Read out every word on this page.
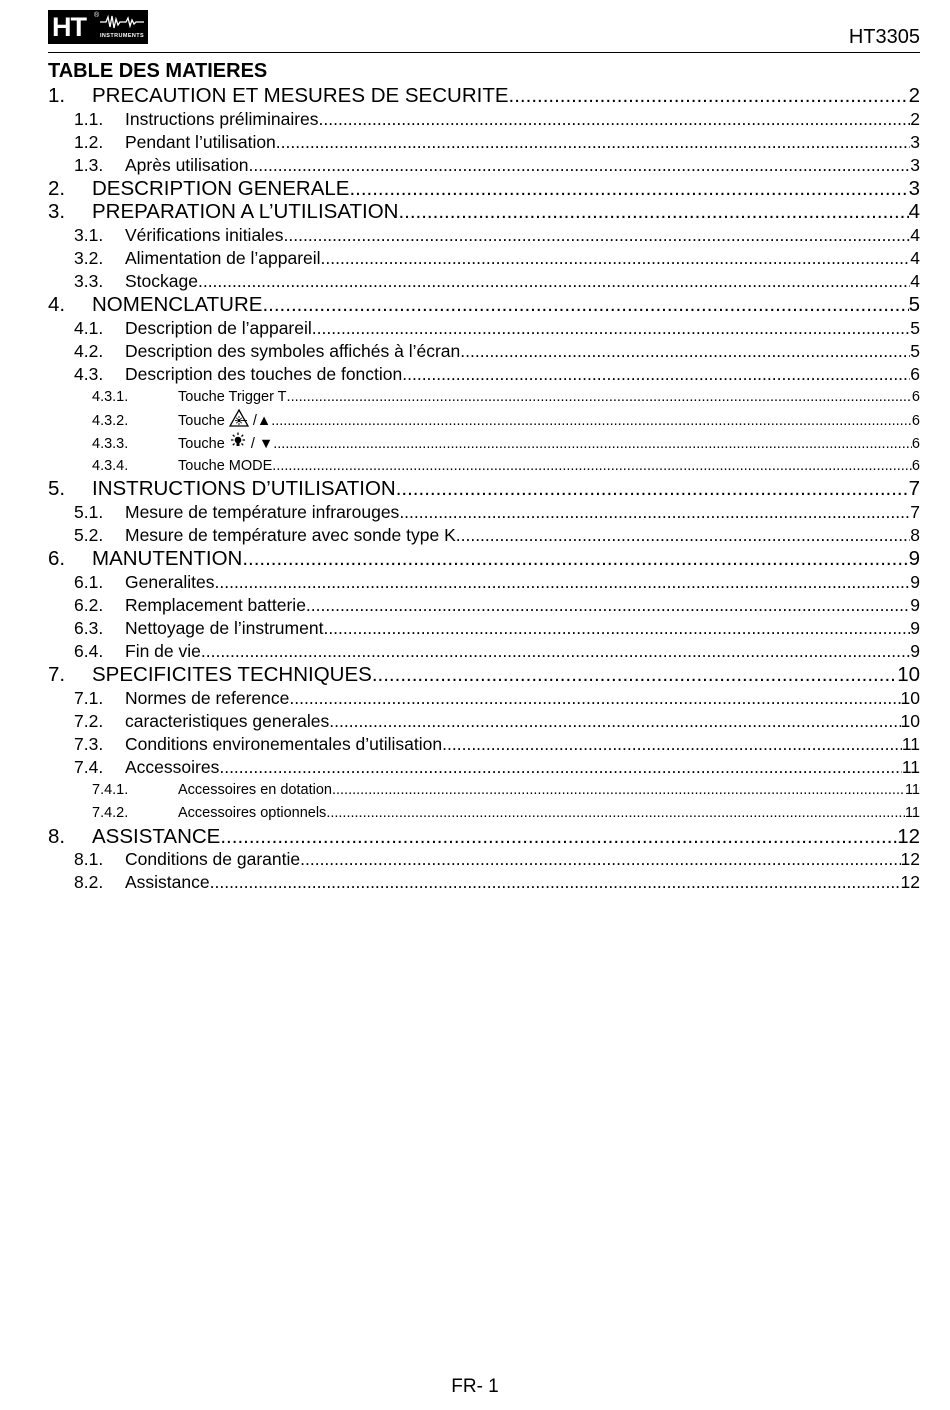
HT ®
INSTRUMENTS	HT3305
TABLE DES MATIERES
1.	PRECAUTION ET MESURES DE SECURITE .....	2
1.1.	Instructions préliminaires .....	2
1.2.	Pendant l’utilisation .....	3
1.3.	Après utilisation .....	3
2.	DESCRIPTION GENERALE .....	3
3.	PREPARATION A L’UTILISATION .....	4
3.1.	Vérifications initiales .....	4
3.2.	Alimentation de l’appareil .....	4
3.3.	Stockage .....	4
4.	NOMENCLATURE .....	5
4.1.	Description de l’appareil .....	5
4.2.	Description des symboles affichés à l’écran .....	5
4.3.	Description des touches de fonction .....	6
4.3.1.	Touche Trigger T .....	6
4.3.2.	Touche  /▲ .....	6
4.3.3.	Touche  / ▼ .....	6
4.3.4.	Touche MODE .....	6
5.	INSTRUCTIONS D’UTILISATION .....	7
5.1.	Mesure de température infrarouges .....	7
5.2.	Mesure de température avec sonde type K .....	8
6.	MANUTENTION .....	9
6.1.	Generalites .....	9
6.2.	Remplacement batterie .....	9
6.3.	Nettoyage de l’instrument .....	9
6.4.	Fin de vie .....	9
7.	SPECIFICITES TECHNIQUES .....	10
7.1.	Normes de reference .....	10
7.2.	caracteristiques generales .....	10
7.3.	Conditions environementales d’utilisation .....	11
7.4.	Accessoires .....	11
7.4.1.	Accessoires en dotation .....	11
7.4.2.	Accessoires optionnels .....	11
8.	ASSISTANCE .....	12
8.1.	Conditions de garantie .....	12
8.2.	Assistance .....	12
FR- 1
